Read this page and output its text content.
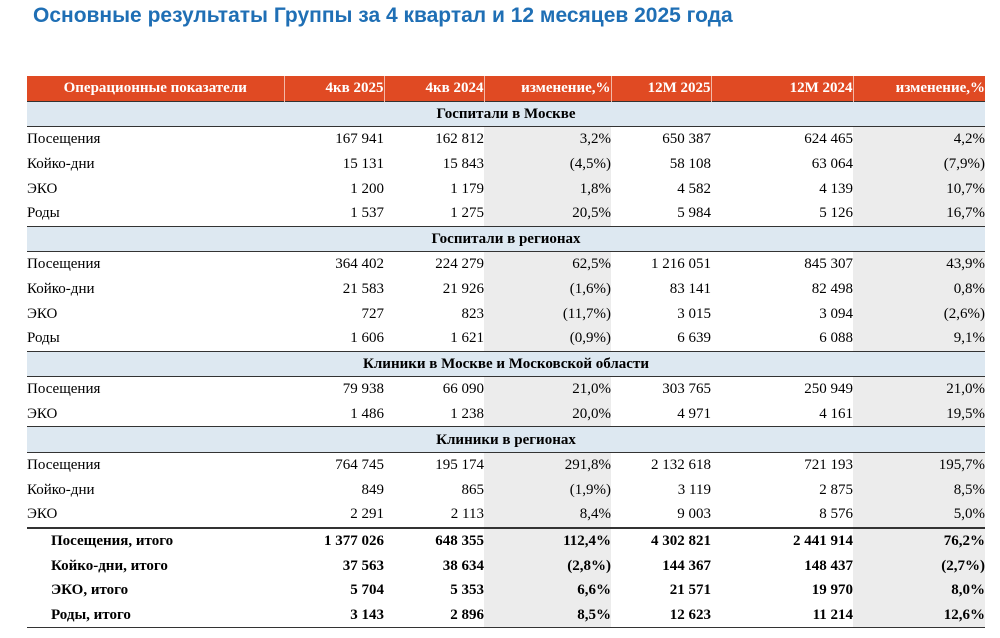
Основные результаты Группы за 4 квартал и 12 месяцев 2025 года
Операционные показатели	4кв 2025	4кв 2024	изменение,%	12М 2025	12М 2024	изменение,%
Госпитали в Москве						
Посещения	167 941	162 812	3,2%	650 387	624 465	4,2%
Койко-дни	15 131	15 843	(4,5%)	58 108	63 064	(7,9%)
ЭКО	1 200	1 179	1,8%	4 582	4 139	10,7%
Роды	1 537	1 275	20,5%	5 984	5 126	16,7%
Госпитали в регионах						
Посещения	364 402	224 279	62,5%	1 216 051	845 307	43,9%
Койко-дни	21 583	21 926	(1,6%)	83 141	82 498	0,8%
ЭКО	727	823	(11,7%)	3 015	3 094	(2,6%)
Роды	1 606	1 621	(0,9%)	6 639	6 088	9,1%
Клиники в Москве и Московской области						
Посещения	79 938	66 090	21,0%	303 765	250 949	21,0%
ЭКО	1 486	1 238	20,0%	4 971	4 161	19,5%
Клиники в регионах						
Посещения	764 745	195 174	291,8%	2 132 618	721 193	195,7%
Койко-дни	849	865	(1,9%)	3 119	2 875	8,5%
ЭКО	2 291	2 113	8,4%	9 003	8 576	5,0%
Посещения, итого	1 377 026	648 355	112,4%	4 302 821	2 441 914	76,2%
Койко-дни, итого	37 563	38 634	(2,8%)	144 367	148 437	(2,7%)
ЭКО, итого	5 704	5 353	6,6%	21 571	19 970	8,0%
Роды, итого	3 143	2 896	8,5%	12 623	11 214	12,6%
